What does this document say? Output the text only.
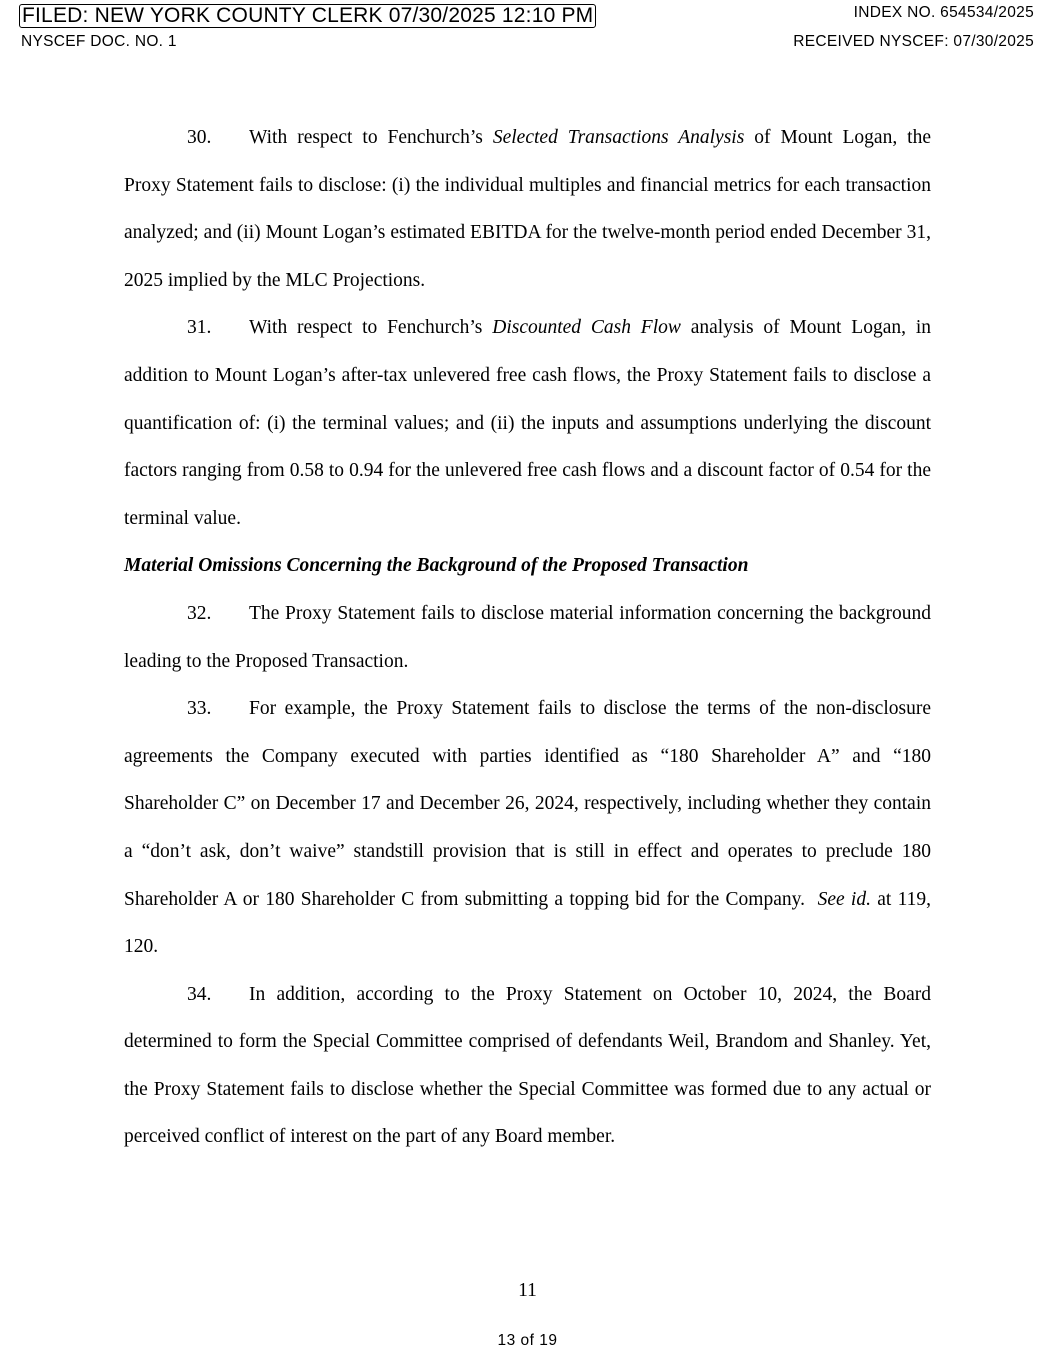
FILED: NEW YORK COUNTY CLERK 07/30/2025 12:10 PM	INDEX NO. 654534/2025
NYSCEF DOC. NO. 1	RECEIVED NYSCEF: 07/30/2025

30. With respect to Fenchurch’s Selected Transactions Analysis of Mount Logan, the Proxy Statement fails to disclose: (i) the individual multiples and financial metrics for each transaction analyzed; and (ii) Mount Logan’s estimated EBITDA for the twelve-month period ended December 31, 2025 implied by the MLC Projections.

31. With respect to Fenchurch’s Discounted Cash Flow analysis of Mount Logan, in addition to Mount Logan’s after-tax unlevered free cash flows, the Proxy Statement fails to disclose a quantification of: (i) the terminal values; and (ii) the inputs and assumptions underlying the discount factors ranging from 0.58 to 0.94 for the unlevered free cash flows and a discount factor of 0.54 for the terminal value.

Material Omissions Concerning the Background of the Proposed Transaction

32. The Proxy Statement fails to disclose material information concerning the background leading to the Proposed Transaction.

33. For example, the Proxy Statement fails to disclose the terms of the non-disclosure agreements the Company executed with parties identified as “180 Shareholder A” and “180 Shareholder C” on December 17 and December 26, 2024, respectively, including whether they contain a “don’t ask, don’t waive” standstill provision that is still in effect and operates to preclude 180 Shareholder A or 180 Shareholder C from submitting a topping bid for the Company.  See id. at 119, 120.

34. In addition, according to the Proxy Statement on October 10, 2024, the Board determined to form the Special Committee comprised of defendants Weil, Brandom and Shanley. Yet, the Proxy Statement fails to disclose whether the Special Committee was formed due to any actual or perceived conflict of interest on the part of any Board member.

11
13 of 19
